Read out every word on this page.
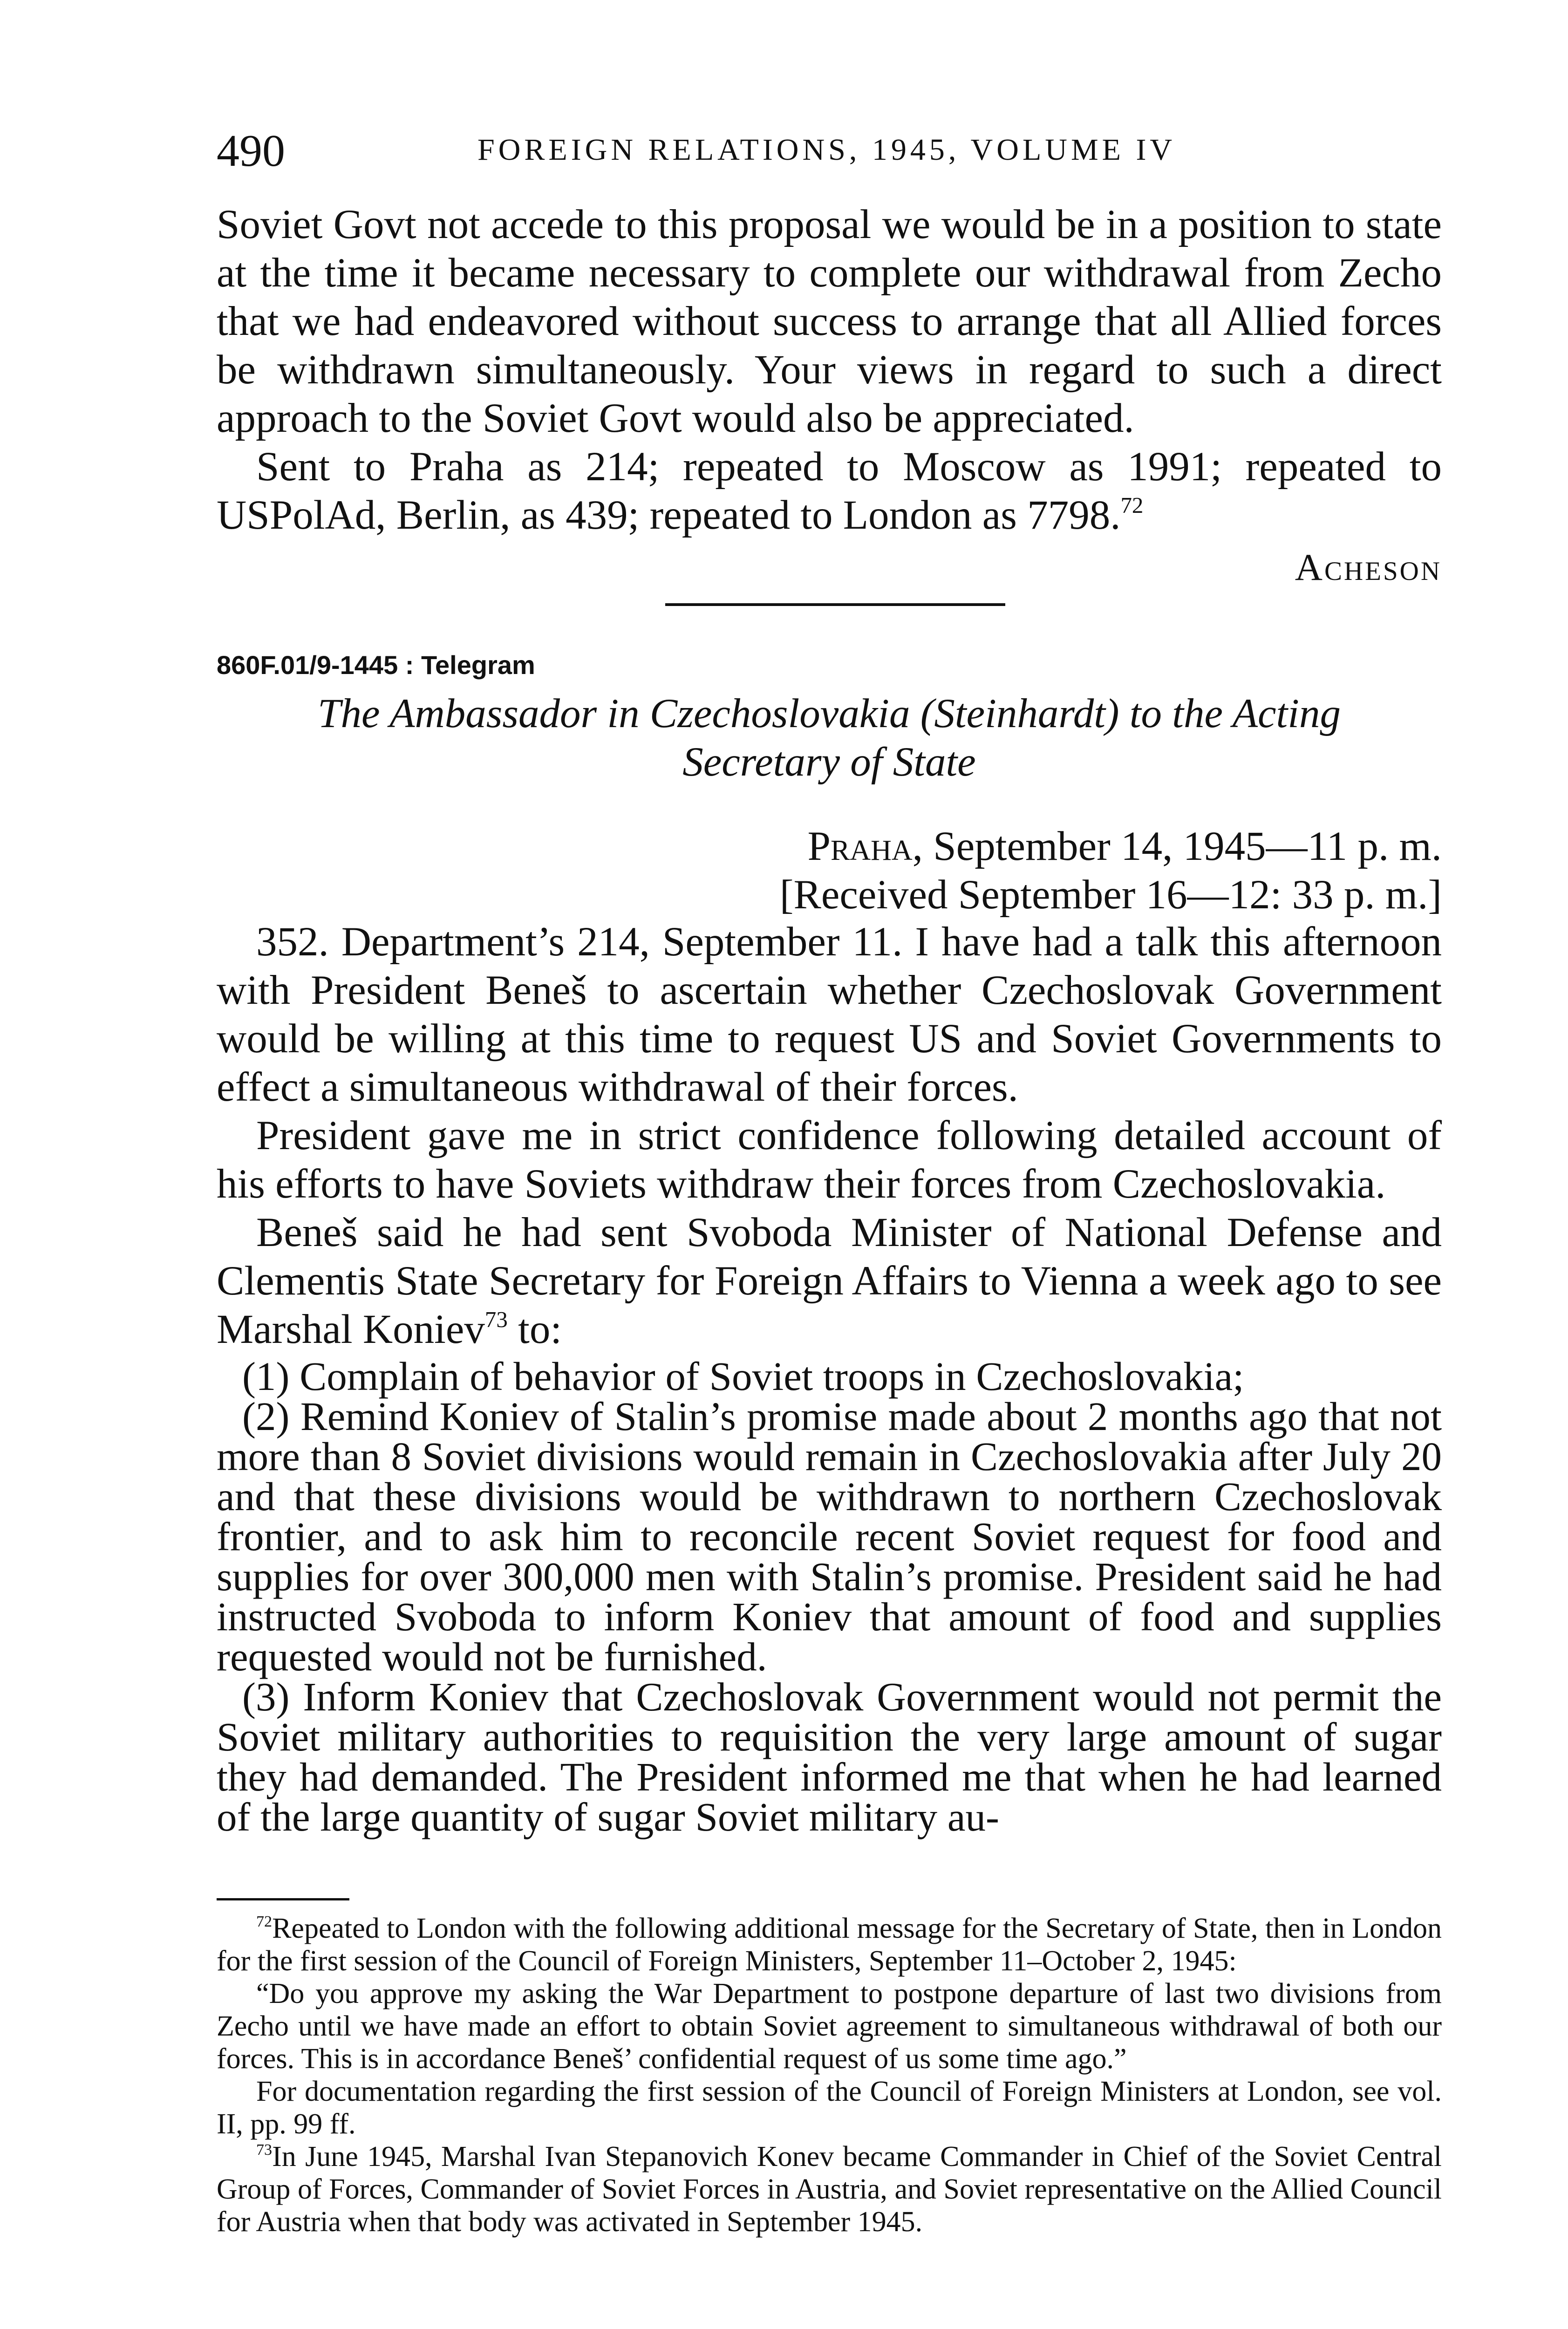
490	FOREIGN RELATIONS, 1945, VOLUME IV

Soviet Govt not accede to this proposal we would be in a position to state at the time it became necessary to complete our withdrawal from Zecho that we had endeavored without success to arrange that all Allied forces be withdrawn simultaneously. Your views in regard to such a direct approach to the Soviet Govt would also be appreciated.

Sent to Praha as 214; repeated to Moscow as 1991; repeated to USPolAd, Berlin, as 439; repeated to London as 7798.72

Acheson
860F.01/9-1445 : Telegram
The Ambassador in Czechoslovakia (Steinhardt) to the Acting
Secretary of State
Praha, September 14, 1945—11 p. m.
[Received September 16—12: 33 p. m.]

352. Department’s 214, September 11. I have had a talk this afternoon with President Beneš to ascertain whether Czechoslovak Government would be willing at this time to request US and Soviet Governments to effect a simultaneous withdrawal of their forces.

President gave me in strict confidence following detailed account of his efforts to have Soviets withdraw their forces from Czechoslovakia.

Beneš said he had sent Svoboda Minister of National Defense and Clementis State Secretary for Foreign Affairs to Vienna a week ago to see Marshal Koniev$^{73}$ to:

(1) Complain of behavior of Soviet troops in Czechoslovakia;

(2) Remind Koniev of Stalin’s promise made about 2 months ago that not more than 8 Soviet divisions would remain in Czechoslovakia after July 20 and that these divisions would be withdrawn to northern Czechoslovak frontier, and to ask him to reconcile recent Soviet request for food and supplies for over 300,000 men with Stalin’s promise. President said he had instructed Svoboda to inform Koniev that amount of food and supplies requested would not be furnished.

(3) Inform Koniev that Czechoslovak Government would not permit the Soviet military authorities to requisition the very large amount of sugar they had demanded. The President informed me that when he had learned of the large quantity of sugar Soviet military au-

$^{72}$Repeated to London with the following additional message for the Secretary of State, then in London for the first session of the Council of Foreign Ministers, September 11–October 2, 1945:

“Do you approve my asking the War Department to postpone departure of last two divisions from Zecho until we have made an effort to obtain Soviet agreement to simultaneous withdrawal of both our forces. This is in accordance Beneš’ confidential request of us some time ago.”

For documentation regarding the first session of the Council of Foreign Ministers at London, see vol. II, pp. 99 ff.

$^{73}$In June 1945, Marshal Ivan Stepanovich Konev became Commander in Chief of the Soviet Central Group of Forces, Commander of Soviet Forces in Austria, and Soviet representative on the Allied Council for Austria when that body was activated in September 1945.
